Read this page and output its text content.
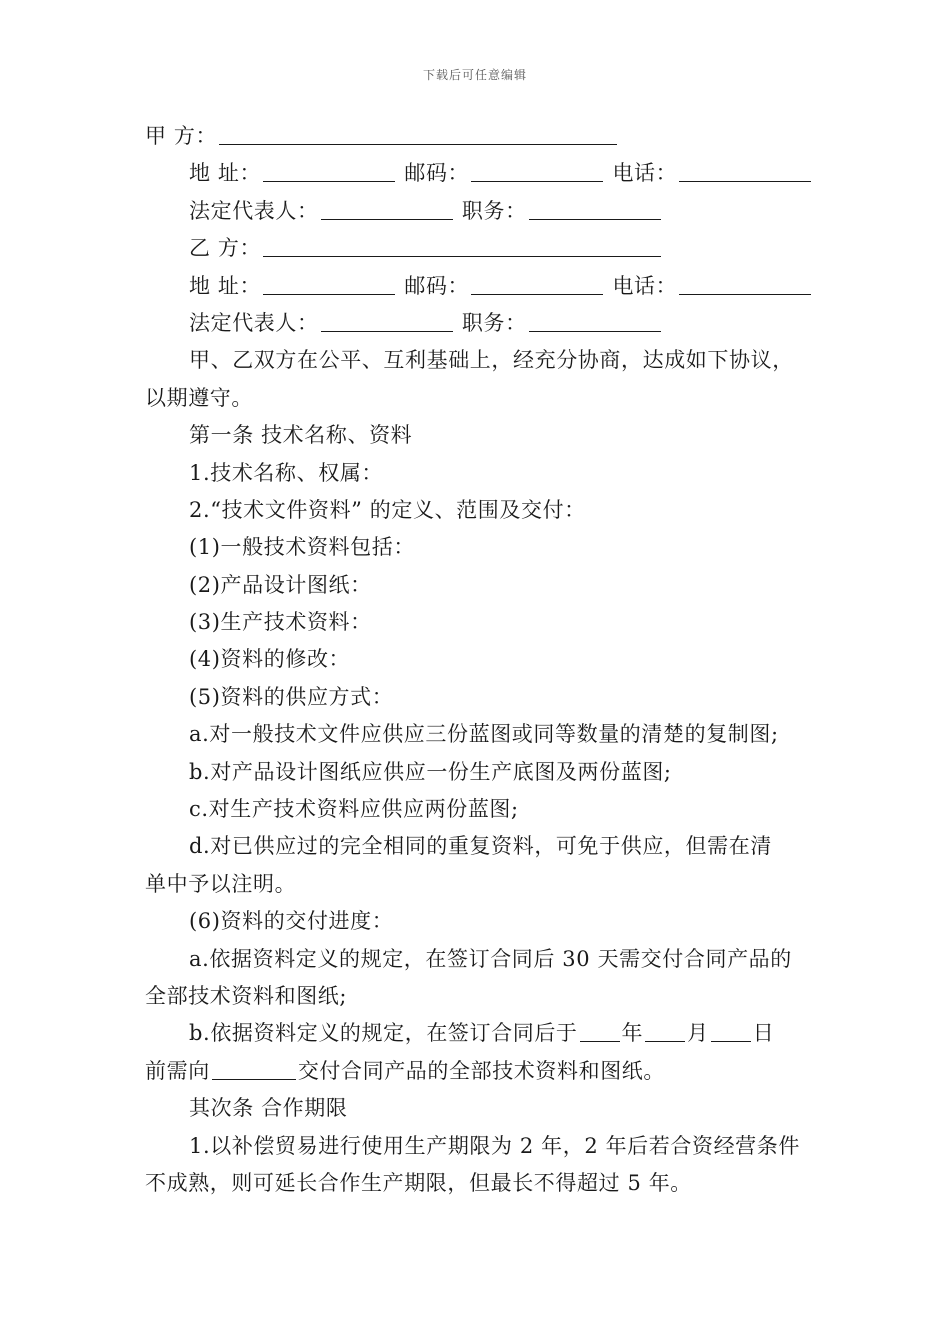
下载后可任意编辑
甲 方：
地 址：	邮码：	电话：
法定代表人：	职务：
乙 方：
地 址：	邮码：	电话：
法定代表人：	职务：
甲、乙双方在公平、互利基础上，经充分协商，达成如下协议，
以期遵守。
第一条 技术名称、资料
1.技术名称、权属：
2.“技术文件资料” 的定义、范围及交付：
(1)一般技术资料包括：
(2)产品设计图纸：
(3)生产技术资料：
(4)资料的修改：
(5)资料的供应方式：
a.对一般技术文件应供应三份蓝图或同等数量的清楚的复制图;
b.对产品设计图纸应供应一份生产底图及两份蓝图;
c.对生产技术资料应供应两份蓝图;
d.对已供应过的完全相同的重复资料，可免于供应，但需在清
单中予以注明。
(6)资料的交付进度：
a.依据资料定义的规定，在签订合同后 30 天需交付合同产品的
全部技术资料和图纸;
b.依据资料定义的规定，在签订合同后于 年 月 日
前需向	交付合同产品的全部技术资料和图纸。
其次条 合作期限
1.以补偿贸易进行使用生产期限为 2 年，2 年后若合资经营条件
不成熟，则可延长合作生产期限，但最长不得超过 5 年。
